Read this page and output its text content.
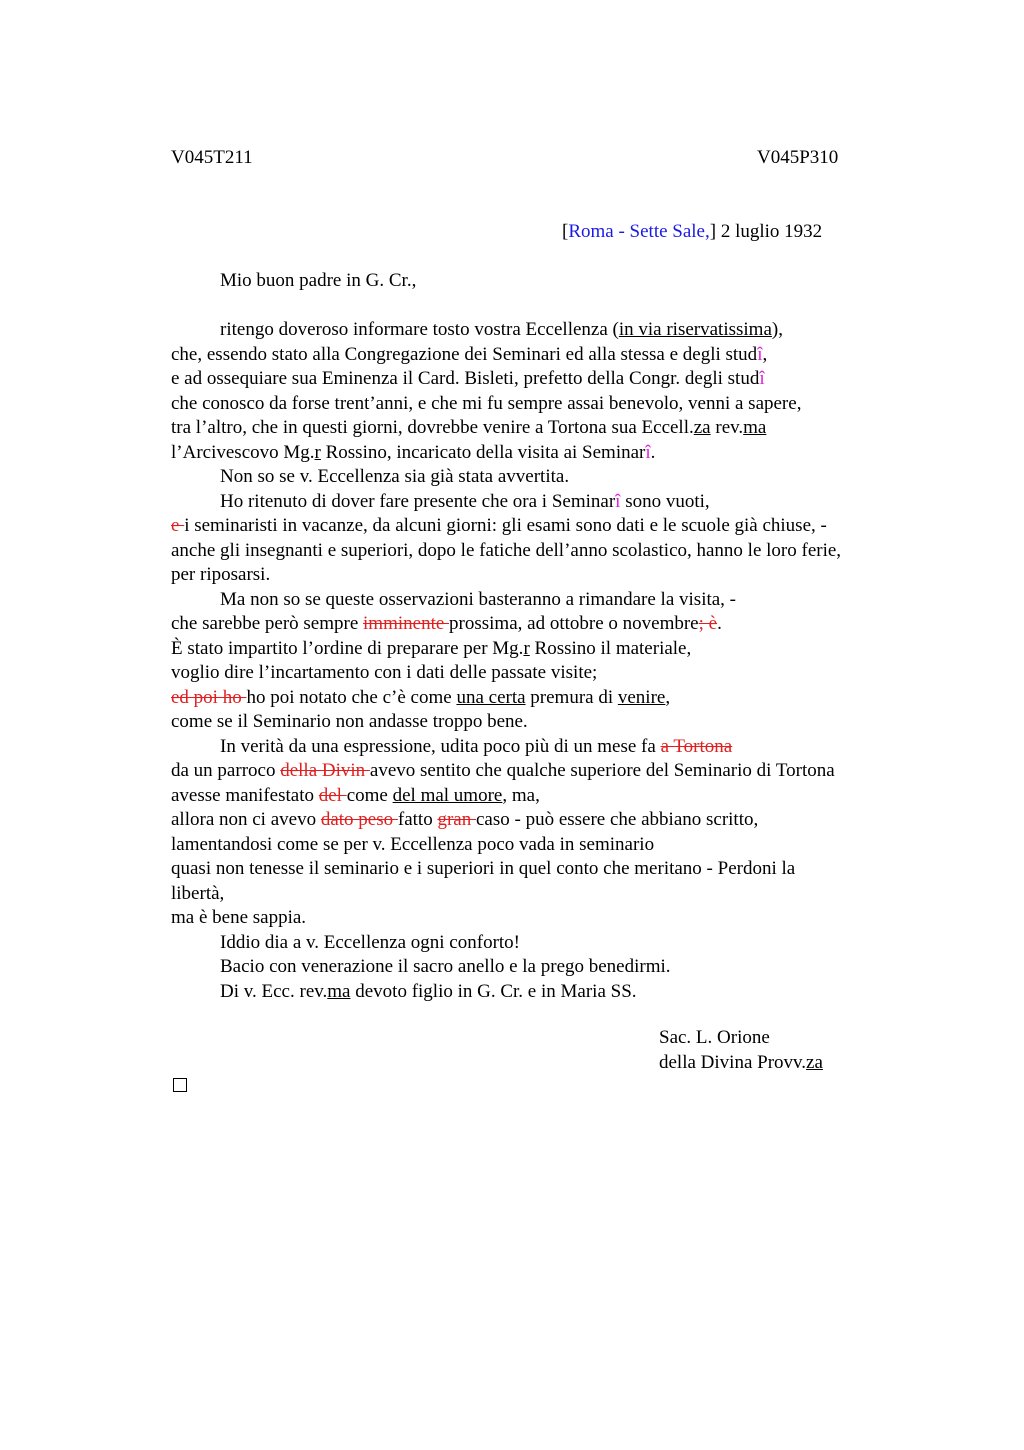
V045T211	V045P310
[Roma - Sette Sale,] 2 luglio 1932
Mio buon padre in G. Cr.,
ritengo doveroso informare tosto vostra Eccellenza (in via riservatissima),
che, essendo stato alla Congregazione dei Seminari ed alla stessa e degli studî,
e ad ossequiare sua Eminenza il Card. Bisleti, prefetto della Congr. degli studî
che conosco da forse trent’anni, e che mi fu sempre assai benevolo, venni a sapere,
tra l’altro, che in questi giorni, dovrebbe venire a Tortona sua Eccell.za rev.ma
l’Arcivescovo Mg.r Rossino, incaricato della visita ai Seminarî.
Non so se v. Eccellenza sia già stata avvertita.
Ho ritenuto di dover fare presente che ora i Seminarî sono vuoti,
e i seminaristi in vacanze, da alcuni giorni: gli esami sono dati e le scuole già chiuse, -
anche gli insegnanti e superiori, dopo le fatiche dell’anno scolastico, hanno le loro ferie,
per riposarsi.
Ma non so se queste osservazioni basteranno a rimandare la visita, -
che sarebbe però sempre imminente prossima, ad ottobre o novembre; è.
È stato impartito l’ordine di preparare per Mg.r Rossino il materiale,
voglio dire l’incartamento con i dati delle passate visite;
ed poi ho ho poi notato che c’è come una certa premura di venire,
come se il Seminario non andasse troppo bene.
In verità da una espressione, udita poco più di un mese fa a Tortona
da un parroco della Divin avevo sentito che qualche superiore del Seminario di Tortona
avesse manifestato del come del mal umore, ma,
allora non ci avevo dato peso fatto gran caso - può essere che abbiano scritto,
lamentandosi come se per v. Eccellenza poco vada in seminario
quasi non tenesse il seminario e i superiori in quel conto che meritano - Perdoni la
libertà,
ma è bene sappia.
Iddio dia a v. Eccellenza ogni conforto!
Bacio con venerazione il sacro anello e la prego benedirmi.
Di v. Ecc. rev.ma devoto figlio in G. Cr. e in Maria SS.
Sac. L. Orione
della Divina Provv.za
